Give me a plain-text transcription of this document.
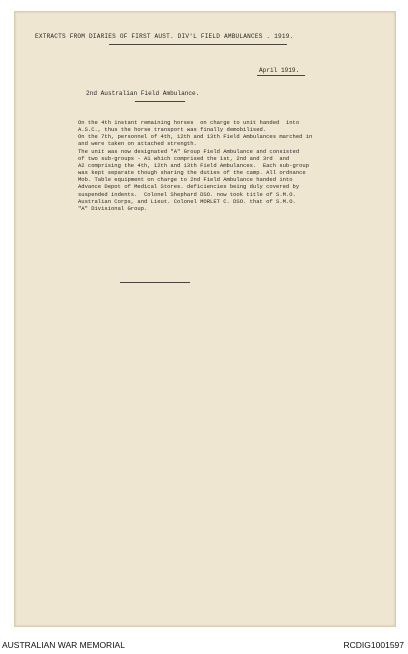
EXTRACTS FROM DIARIES OF FIRST AUST. DIV'L FIELD AMBULANCES . 1919.
April 1919.
2nd Australian Field Ambulance.
On the 4th instant remaining horses  on charge to unit handed  into
A.S.C., thus the horse transport was finally demobilised.
On the 7th, personnel of 4th, 12th and 13th Field Ambulances marched in
and were taken on attached strength.
The unit was now designated "A" Group Field Ambulance and consisted
of two sub-groups - A1 which comprised the 1st, 2nd and 3rd  and
A2 comprising the 4th, 12th and 13th Field Ambulances.  Each sub-group
was kept separate though sharing the duties of the camp. All ordnance
Mob. Table equipment on charge to 2nd Field Ambulance handed into
Advance Depot of Medical Stores. deficiencies being duly covered by
suspended indents.  Colonel Shephard DSO. now took title of S.M.O.
Australian Corps, and Lieut. Colonel MORLET C. DSO. that of S.M.O.
"A" Divisional Group.
AUSTRALIAN WAR MEMORIAL	RCDIG1001597
